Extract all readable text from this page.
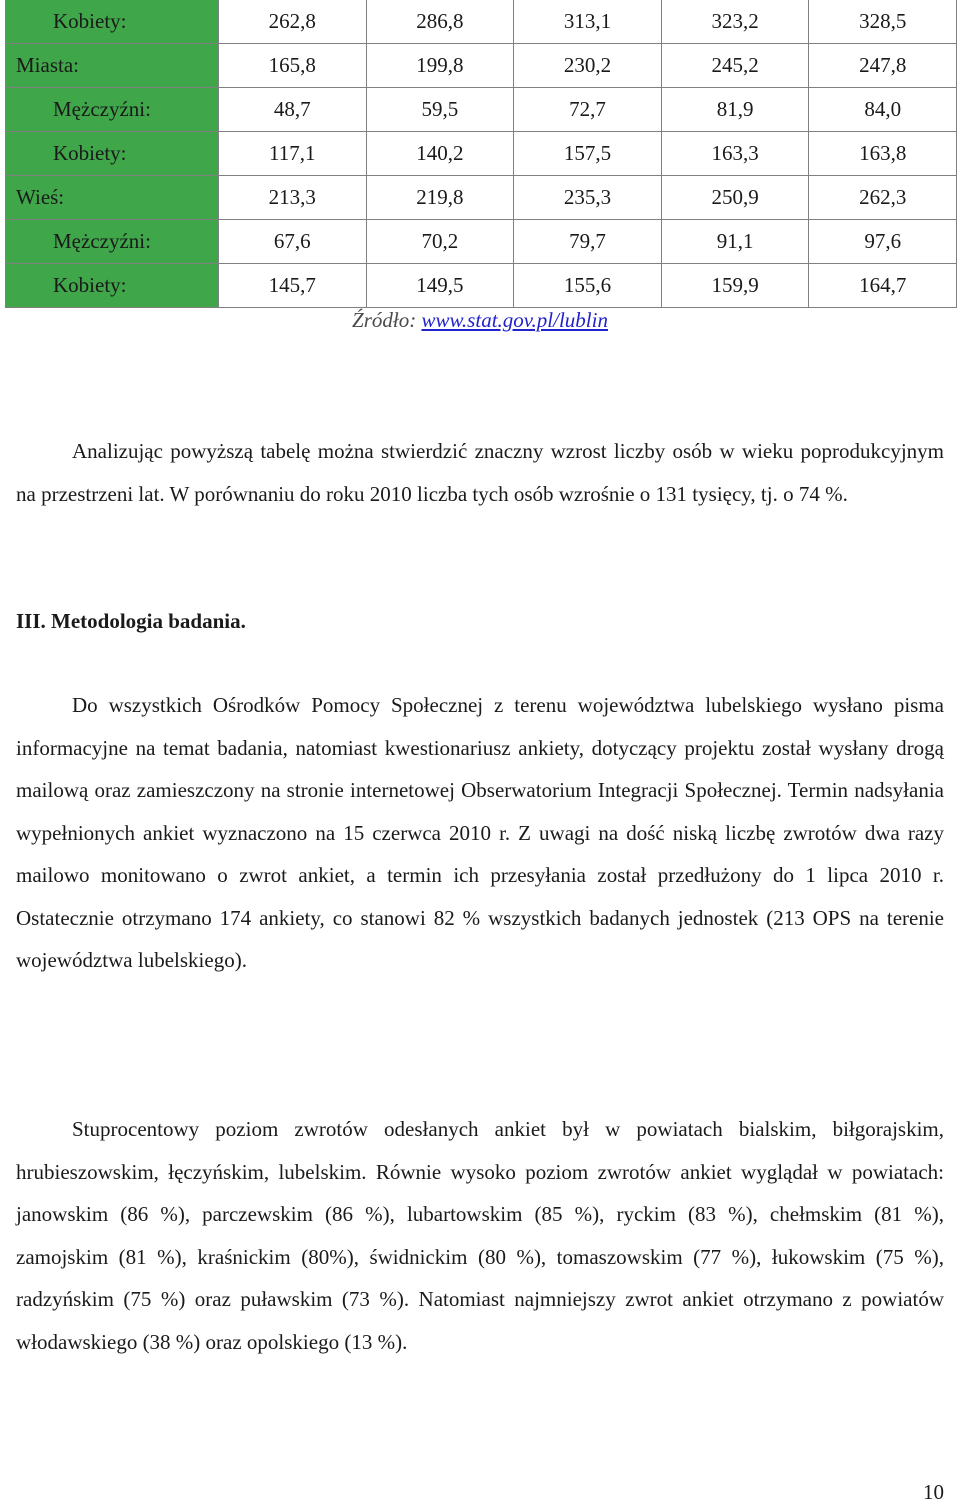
Kobiety:	262,8	286,8	313,1	323,2	328,5
Miasta:	165,8	199,8	230,2	245,2	247,8
Mężczyźni:	48,7	59,5	72,7	81,9	84,0
Kobiety:	117,1	140,2	157,5	163,3	163,8
Wieś:	213,3	219,8	235,3	250,9	262,3
Mężczyźni:	67,6	70,2	79,7	91,1	97,6
Kobiety:	145,7	149,5	155,6	159,9	164,7
Źródło: www.stat.gov.pl/lublin
Analizując powyższą tabelę można stwierdzić znaczny wzrost liczby osób w wieku poprodukcyjnym na przestrzeni lat. W porównaniu do roku 2010 liczba tych osób wzrośnie o 131 tysięcy, tj. o 74 %.
III. Metodologia badania.
Do wszystkich Ośrodków Pomocy Społecznej z terenu województwa lubelskiego wysłano pisma informacyjne na temat badania, natomiast kwestionariusz ankiety, dotyczący projektu został wysłany drogą mailową oraz zamieszczony na stronie internetowej Obserwatorium Integracji Społecznej. Termin nadsyłania wypełnionych ankiet wyznaczono na 15 czerwca 2010 r. Z uwagi na dość niską liczbę zwrotów dwa razy mailowo monitowano o zwrot ankiet, a termin ich przesyłania został przedłużony do 1 lipca 2010 r. Ostatecznie otrzymano 174 ankiety, co stanowi 82 % wszystkich badanych jednostek (213 OPS na terenie województwa lubelskiego).
Stuprocentowy poziom zwrotów odesłanych ankiet był w powiatach bialskim, biłgorajskim, hrubieszowskim, łęczyńskim, lubelskim. Równie wysoko poziom zwrotów ankiet wyglądał w powiatach: janowskim (86 %), parczewskim (86 %), lubartowskim (85 %), ryckim (83 %), chełmskim (81 %), zamojskim (81 %), kraśnickim (80%), świdnickim (80 %), tomaszowskim (77 %), łukowskim (75 %), radzyńskim (75 %) oraz puławskim (73 %). Natomiast najmniejszy zwrot ankiet otrzymano z powiatów włodawskiego (38 %) oraz opolskiego (13 %).
10
